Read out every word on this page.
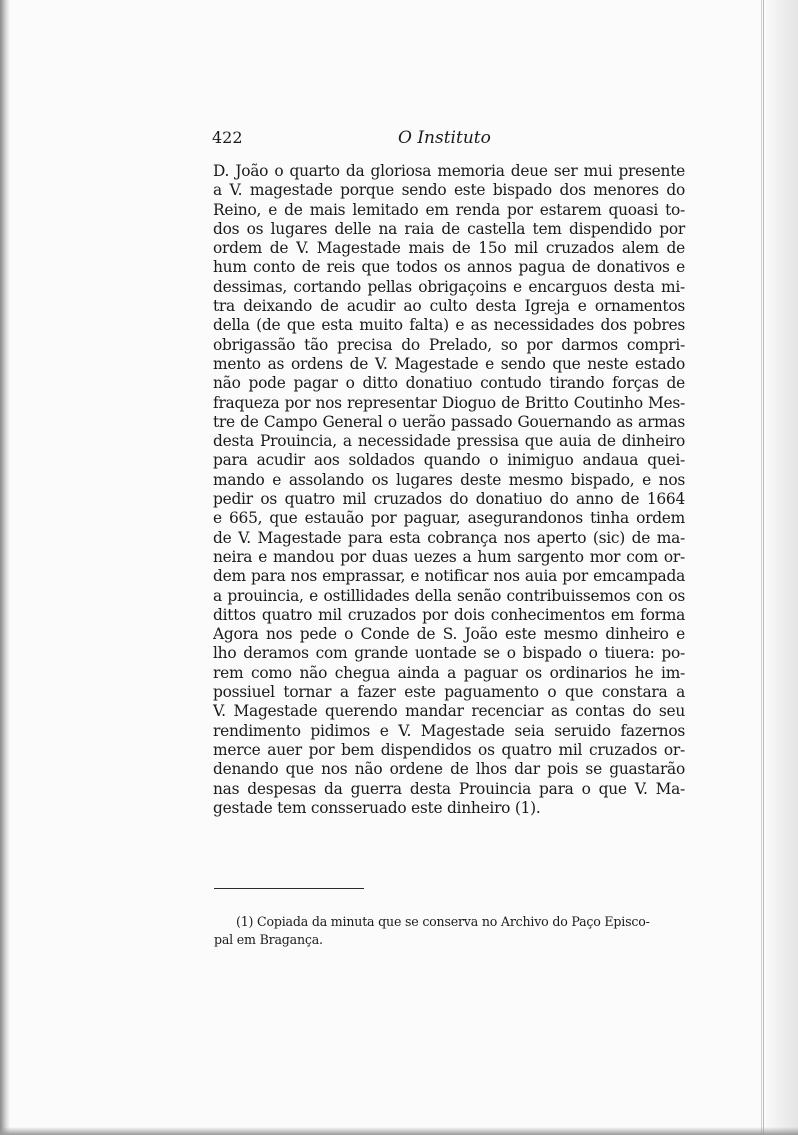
422	O Instituto
D. João o quarto da gloriosa memoria deue ser mui presente
a V. magestade porque sendo este bispado dos menores do
Reino, e de mais lemitado em renda por estarem quoasi to-
dos os lugares delle na raia de castella tem dispendido por
ordem de V. Magestade mais de 15o mil cruzados alem de
hum conto de reis que todos os annos pagua de donativos e
dessimas, cortando pellas obrigaçoins e encarguos desta mi-
tra deixando de acudir ao culto desta Igreja e ornamentos
della (de que esta muito falta) e as necessidades dos pobres
obrigassão tão precisa do Prelado, so por darmos compri-
mento as ordens de V. Magestade e sendo que neste estado
não pode pagar o ditto donatiuo contudo tirando forças de
fraqueza por nos representar Dioguo de Britto Coutinho Mes-
tre de Campo General o uerão passado Gouernando as armas
desta Prouincia, a necessidade pressisa que auia de dinheiro
para acudir aos soldados quando o inimiguo andaua quei-
mando e assolando os lugares deste mesmo bispado, e nos
pedir os quatro mil cruzados do donatiuo do anno de 1664
e 665, que estauão por paguar, asegurandonos tinha ordem
de V. Magestade para esta cobrança nos aperto (sic) de ma-
neira e mandou por duas uezes a hum sargento mor com or-
dem para nos emprassar, e notificar nos auia por emcampada
a prouincia, e ostillidades della senão contribuissemos con os
dittos quatro mil cruzados por dois conhecimentos em forma
Agora nos pede o Conde de S. João este mesmo dinheiro e
lho deramos com grande uontade se o bispado o tiuera: po-
rem como não chegua ainda a paguar os ordinarios he im-
possiuel tornar a fazer este paguamento o que constara a
V. Magestade querendo mandar recenciar as contas do seu
rendimento pidimos e V. Magestade seia seruido fazernos
merce auer por bem dispendidos os quatro mil cruzados or-
denando que nos não ordene de lhos dar pois se guastarão
nas despesas da guerra desta Prouincia para o que V. Ma-
gestade tem consseruado este dinheiro (1).
(1) Copiada da minuta que se conserva no Archivo do Paço Episco-
pal em Bragança.
